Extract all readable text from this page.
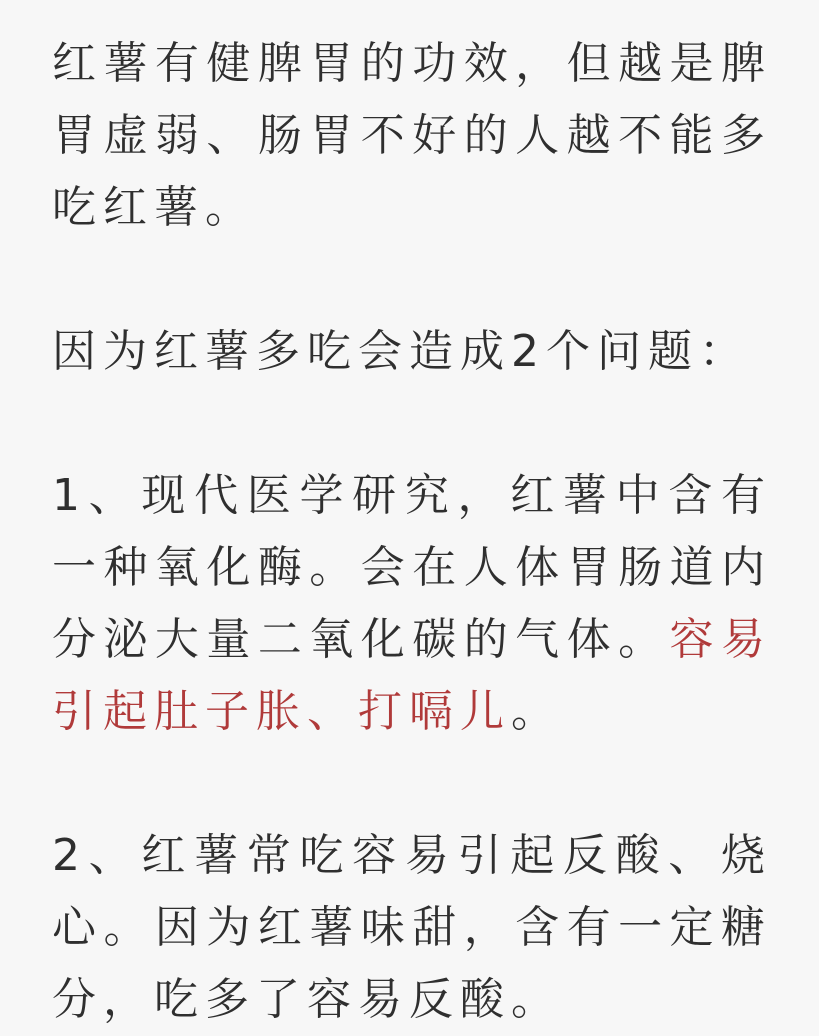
红薯有健脾胃的功效，但越是脾胃虚弱、肠胃不好的人越不能多吃红薯。

因为红薯多吃会造成2个问题：

1、现代医学研究，红薯中含有一种氧化酶。会在人体胃肠道内分泌大量二氧化碳的气体。容易引起肚子胀、打嗝儿。

2、红薯常吃容易引起反酸、烧心。因为红薯味甜，含有一定糖分，吃多了容易反酸。
